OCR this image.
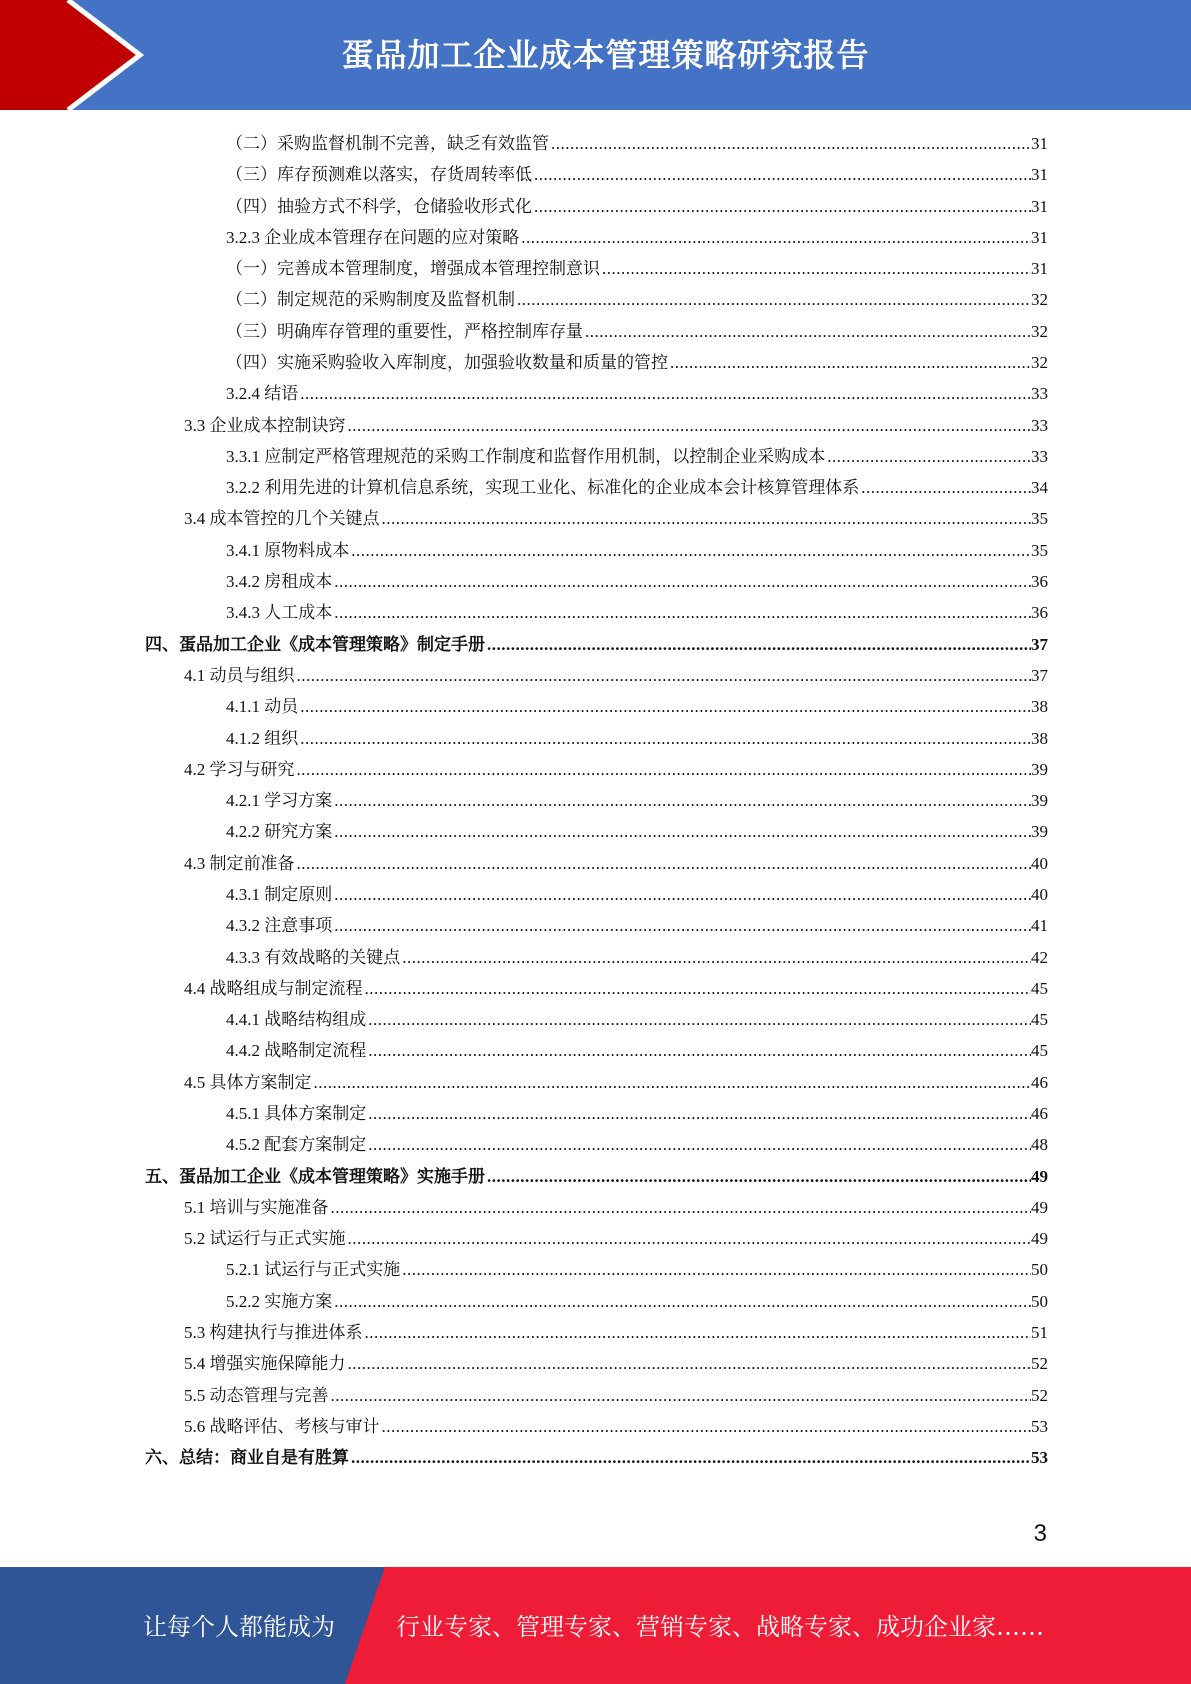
蛋品加工企业成本管理策略研究报告
（二）采购监督机制不完善，缺乏有效监管 .....	31
（三）库存预测难以落实，存货周转率低 .....	31
（四）抽验方式不科学，仓储验收形式化 .....	31
3.2.3 企业成本管理存在问题的应对策略 .....	31
（一）完善成本管理制度，增强成本管理控制意识 .....	31
（二）制定规范的采购制度及监督机制 .....	32
（三）明确库存管理的重要性，严格控制库存量 .....	32
（四）实施采购验收入库制度，加强验收数量和质量的管控 .....	32
3.2.4 结语 .....	33
3.3 企业成本控制诀窍 .....	33
3.3.1 应制定严格管理规范的采购工作制度和监督作用机制，以控制企业采购成本 .....	33
3.2.2 利用先进的计算机信息系统，实现工业化、标准化的企业成本会计核算管理体系 .....	34
3.4 成本管控的几个关键点 .....	35
3.4.1 原物料成本 .....	35
3.4.2 房租成本 .....	36
3.4.3 人工成本 .....	36
四、蛋品加工企业《成本管理策略》制定手册 .....	37
4.1 动员与组织 .....	37
4.1.1 动员 .....	38
4.1.2 组织 .....	38
4.2 学习与研究 .....	39
4.2.1 学习方案 .....	39
4.2.2 研究方案 .....	39
4.3 制定前准备 .....	40
4.3.1 制定原则 .....	40
4.3.2 注意事项 .....	41
4.3.3 有效战略的关键点 .....	42
4.4 战略组成与制定流程 .....	45
4.4.1 战略结构组成 .....	45
4.4.2 战略制定流程 .....	45
4.5 具体方案制定 .....	46
4.5.1 具体方案制定 .....	46
4.5.2 配套方案制定 .....	48
五、蛋品加工企业《成本管理策略》实施手册 .....	49
5.1 培训与实施准备 .....	49
5.2 试运行与正式实施 .....	49
5.2.1 试运行与正式实施 .....	50
5.2.2 实施方案 .....	50
5.3 构建执行与推进体系 .....	51
5.4 增强实施保障能力 .....	52
5.5 动态管理与完善 .....	52
5.6 战略评估、考核与审计 .....	53
六、总结：商业自是有胜算 .....	53
3
让每个人都能成为	行业专家、管理专家、营销专家、战略专家、成功企业家……
